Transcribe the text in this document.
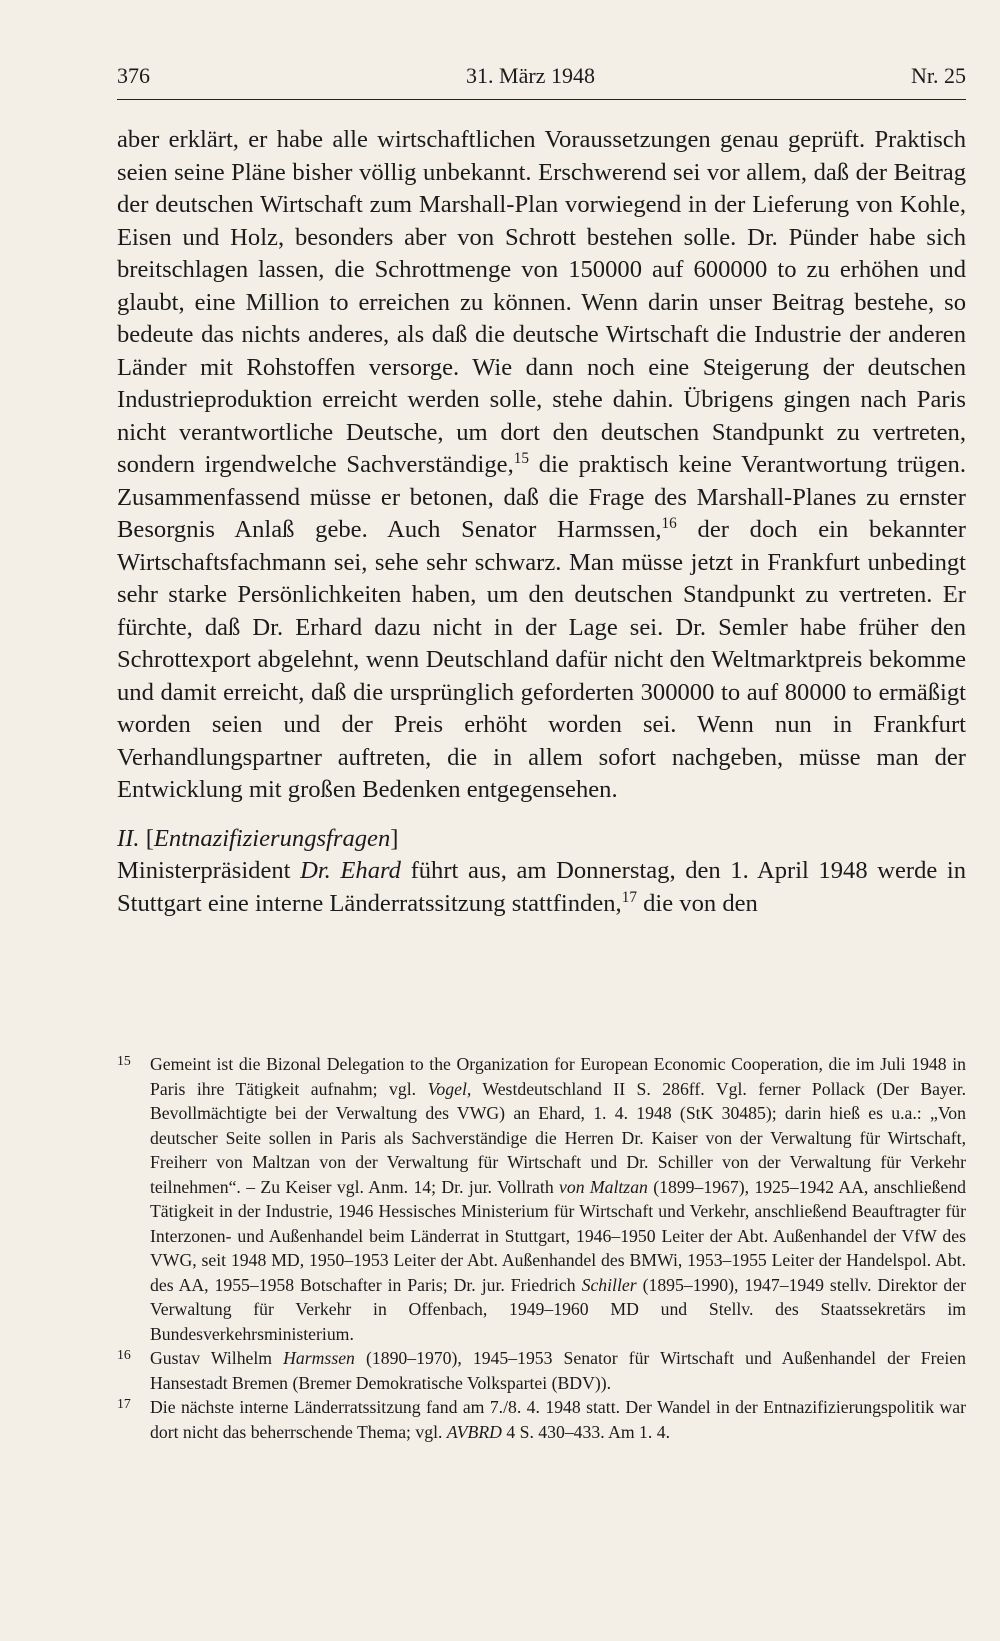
376	31. März 1948	Nr. 25

aber erklärt, er habe alle wirtschaftlichen Voraussetzungen genau geprüft. Praktisch seien seine Pläne bisher völlig unbekannt. Erschwerend sei vor allem, daß der Beitrag der deutschen Wirtschaft zum Marshall-Plan vorwiegend in der Lieferung von Kohle, Eisen und Holz, besonders aber von Schrott bestehen solle. Dr. Pünder habe sich breitschlagen lassen, die Schrottmenge von 150000 auf 600000 to zu erhöhen und glaubt, eine Million to erreichen zu können. Wenn darin unser Beitrag bestehe, so bedeute das nichts anderes, als daß die deutsche Wirtschaft die Industrie der anderen Länder mit Rohstoffen versorge. Wie dann noch eine Steigerung der deutschen Industrieproduktion erreicht werden solle, stehe dahin. Übrigens gingen nach Paris nicht verantwortliche Deutsche, um dort den deutschen Standpunkt zu vertreten, sondern irgendwelche Sachverständige,$^{15}$ die praktisch keine Verantwortung trügen. Zusammenfassend müsse er betonen, daß die Frage des Marshall-Planes zu ernster Besorgnis Anlaß gebe. Auch Senator Harmssen,$^{16}$ der doch ein bekannter Wirtschaftsfachmann sei, sehe sehr schwarz. Man müsse jetzt in Frankfurt unbedingt sehr starke Persönlichkeiten haben, um den deutschen Standpunkt zu vertreten. Er fürchte, daß Dr. Erhard dazu nicht in der Lage sei. Dr. Semler habe früher den Schrottexport abgelehnt, wenn Deutschland dafür nicht den Weltmarktpreis bekomme und damit erreicht, daß die ursprünglich geforderten 300000 to auf 80000 to ermäßigt worden seien und der Preis erhöht worden sei. Wenn nun in Frankfurt Verhandlungspartner auftreten, die in allem sofort nachgeben, müsse man der Entwicklung mit großen Bedenken entgegensehen.

II. [Entnazifizierungsfragen]

Ministerpräsident Dr. Ehard führt aus, am Donnerstag, den 1. April 1948 werde in Stuttgart eine interne Länderratssitzung stattfinden,$^{17}$ die von den

15 Gemeint ist die Bizonal Delegation to the Organization for European Economic Cooperation, die im Juli 1948 in Paris ihre Tätigkeit aufnahm; vgl. Vogel, Westdeutschland II S. 286ff. Vgl. ferner Pollack (Der Bayer. Bevollmächtigte bei der Verwaltung des VWG) an Ehard, 1. 4. 1948 (StK 30485); darin hieß es u.a.: „Von deutscher Seite sollen in Paris als Sachverständige die Herren Dr. Kaiser von der Verwaltung für Wirtschaft, Freiherr von Maltzan von der Verwaltung für Wirtschaft und Dr. Schiller von der Verwaltung für Verkehr teilnehmen“. – Zu Keiser vgl. Anm. 14; Dr. jur. Vollrath von Maltzan (1899–1967), 1925–1942 AA, anschließend Tätigkeit in der Industrie, 1946 Hessisches Ministerium für Wirtschaft und Verkehr, anschließend Beauftragter für Interzonen- und Außenhandel beim Länderrat in Stuttgart, 1946–1950 Leiter der Abt. Außenhandel der VfW des VWG, seit 1948 MD, 1950–1953 Leiter der Abt. Außenhandel des BMWi, 1953–1955 Leiter der Handelspol. Abt. des AA, 1955–1958 Botschafter in Paris; Dr. jur. Friedrich Schiller (1895–1990), 1947–1949 stellv. Direktor der Verwaltung für Verkehr in Offenbach, 1949–1960 MD und Stellv. des Staatssekretärs im Bundesverkehrsministerium.

16 Gustav Wilhelm Harmssen (1890–1970), 1945–1953 Senator für Wirtschaft und Außenhandel der Freien Hansestadt Bremen (Bremer Demokratische Volkspartei (BDV)).

17 Die nächste interne Länderratssitzung fand am 7./8. 4. 1948 statt. Der Wandel in der Entnazifizierungspolitik war dort nicht das beherrschende Thema; vgl. AVBRD 4 S. 430–433. Am 1. 4.
